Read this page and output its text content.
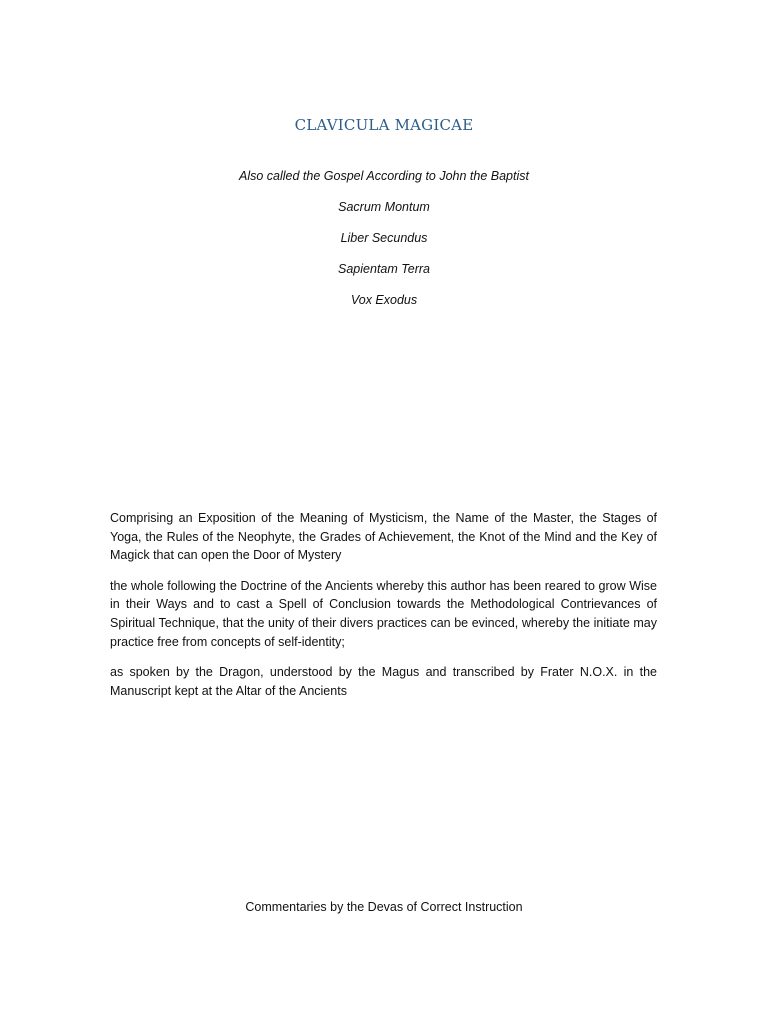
CLAVICULA MAGICAE
Also called the Gospel According to John the Baptist
Sacrum Montum
Liber Secundus
Sapientam Terra
Vox Exodus

Comprising an Exposition of the Meaning of Mysticism, the Name of the Master, the Stages of Yoga, the Rules of the Neophyte, the Grades of Achievement, the Knot of the Mind and the Key of Magick that can open the Door of Mystery

the whole following the Doctrine of the Ancients whereby this author has been reared to grow Wise in their Ways and to cast a Spell of Conclusion towards the Methodological Contrievances of Spiritual Technique, that the unity of their divers practices can be evinced, whereby the initiate may practice free from concepts of self-identity;

as spoken by the Dragon, understood by the Magus and transcribed by Frater N.O.X. in the Manuscript kept at the Altar of the Ancients

Commentaries by the Devas of Correct Instruction
